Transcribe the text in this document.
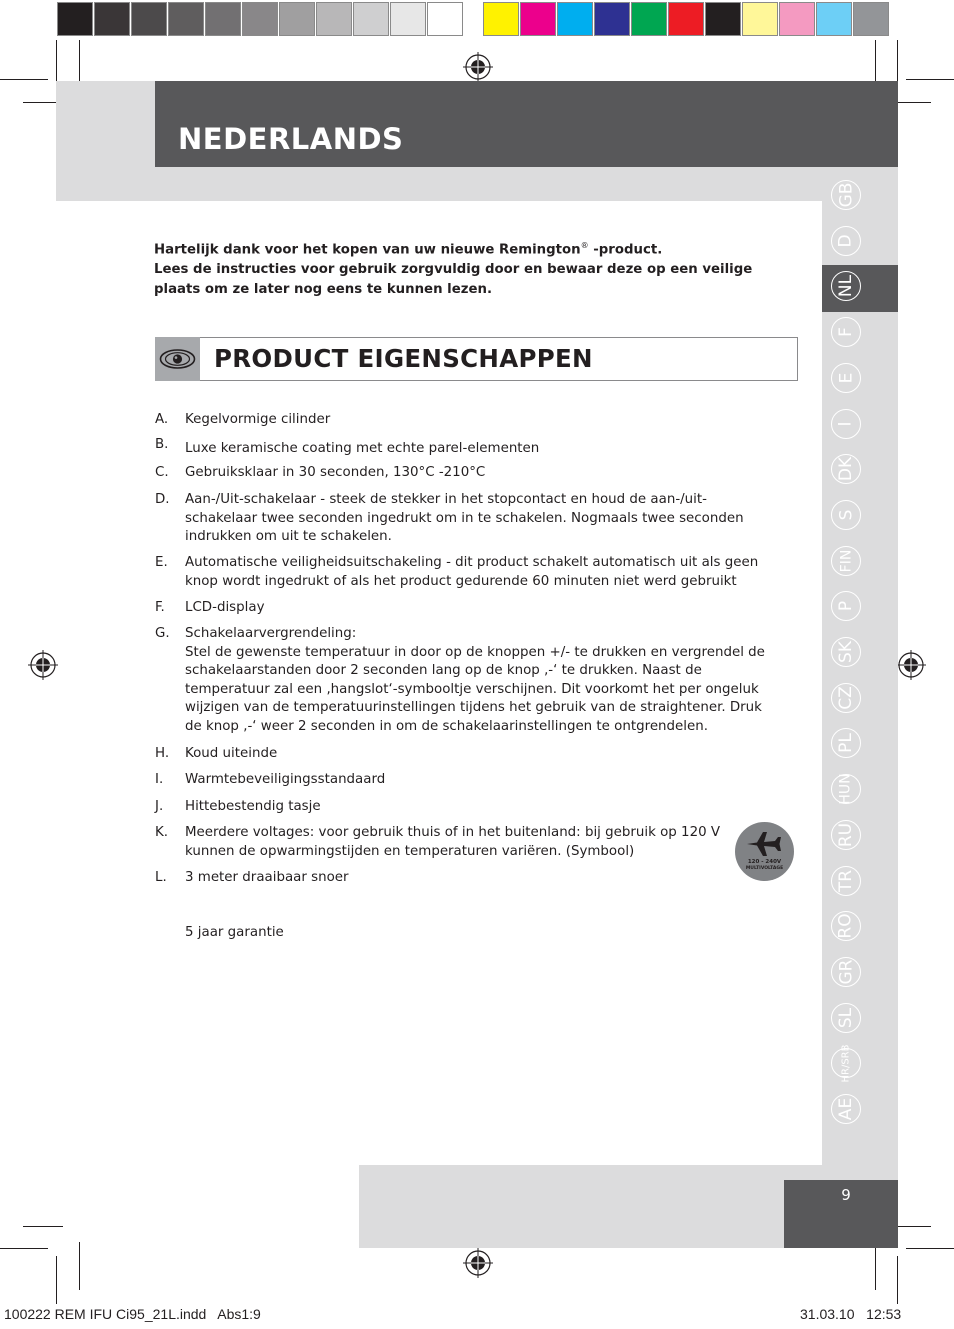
NEDERLANDS
GB
D
NL
F
E
I
DK
S
FIN
P
SK
CZ
PL
HUN
RU
TR
RO
GR
SL
HR/SRB
AE

Hartelijk dank voor het kopen van uw nieuwe Remington® -product.

Lees de instructies voor gebruik zorgvuldig door en bewaar deze op een veilige plaats om ze later nog eens te kunnen lezen.

PRODUCT EIGENSCHAPPEN
A.	Kegelvormige cilinder
B.	Luxe keramische coating met echte parel-elementen
C.	Gebruiksklaar in 30 seconden, 130°C -210°C
D.	Aan-/Uit-schakelaar - steek de stekker in het stopcontact en houd de aan-/uit-schakelaar twee seconden ingedrukt om in te schakelen. Nogmaals twee seconden indrukken om uit te schakelen.
E.	Automatische veiligheidsuitschakeling - dit product schakelt automatisch uit als geen knop wordt ingedrukt of als het product gedurende 60 minuten niet werd gebruikt
F.	LCD-display
G.	Schakelaarvergrendeling:
Stel de gewenste temperatuur in door op de knoppen +/- te drukken en vergrendel de schakelaarstanden door 2 seconden lang op de knop ‚-‘ te drukken. Naast de temperatuur zal een ‚hangslot‘-symbooltje verschijnen. Dit voorkomt het per ongeluk wijzigen van de temperatuurinstellingen tijdens het gebruik van de straightener. Druk de knop ‚-‘ weer 2 seconden in om de schakelaarinstellingen te ontgrendelen.
H.	Koud uiteinde
I.	Warmtebeveiligingsstandaard
J.	Hittebestendig tasje
K.	Meerdere voltages: voor gebruik thuis of in het buitenland: bij gebruik op 120 V kunnen de opwarmingstijden en temperaturen variëren. (Symbool)
L.	3 meter draaibaar snoer
5 jaar garantie
120 - 240V
MULTIVOLTAGE
9
100222 REM IFU Ci95_21L.indd   Abs1:9	31.03.10   12:53
